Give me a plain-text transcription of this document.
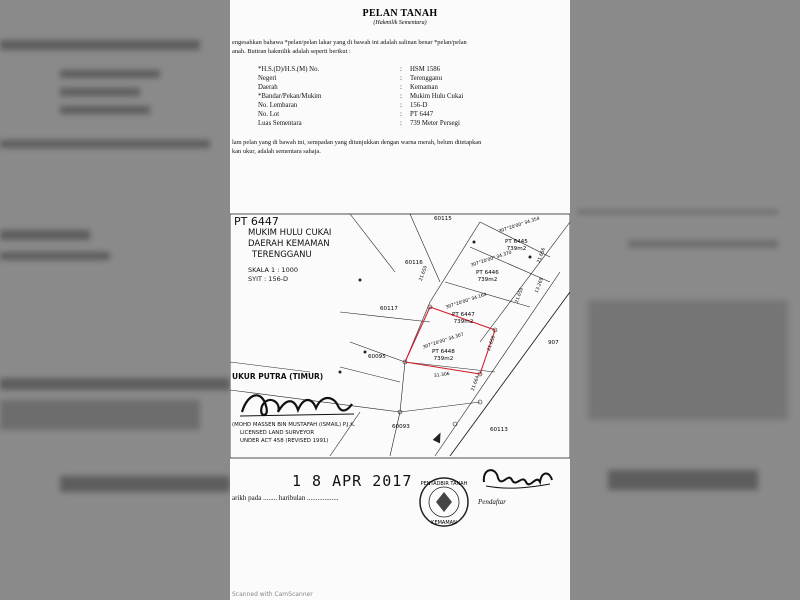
PELAN TANAH
(Hakmilik Sementara)
engesahkan bahawa *pelan/pelan lakar yang di bawah ini adalah salinan benar *pelan/pelan
anah. Butiran hakmilik adalah seperti berikut :
*H.S.(D)/H.S.(M) No.	: HSM 1586
Negeri	: Terengganu
Daerah	: Kemaman
*Bandar/Pekan/Mukim	: Mukim Hulu Cukai
No. Lembaran	: 156-D
No. Lot	: PT 6447
Luas Sementara	: 739 Meter Persegi
lam pelan yang di bawah ini, sempadan yang ditunjukkan dengan warna merah, belum ditetapkan
kan ukur, adalah sementara sahaja.
PT 6447
MUKIM HULU CUKAI
DAERAH KEMAMAN
TERENGGANU
SKALA 1 : 1000
SYIT : 156-D
60115
60116
60117
60095
60093	60113
907
PT 6445
739m2
PT 6446
739m2
PT 6447
739m2
PT 6448
739m2
307°20'00" 34.354
307°20'00" 34.370
307°20'00" 34.164
307°20'00" 34.307
21.656
21.650
21.656
21.664
21.650
31.306
13.269
UKUR PUTRA (TIMUR)
(MOHD MASSEN BIN MUSTAFAH (ISMAIL) P.J.K.
LICENSED LAND SURVEYOR
UNDER ACT 458 (REVISED 1991)
1 8 APR 2017
arikh pada ........ haribulan ..................
PENTADBIR TANAH
KEMAMAN
Pendaftar
Scanned with CamScanner
